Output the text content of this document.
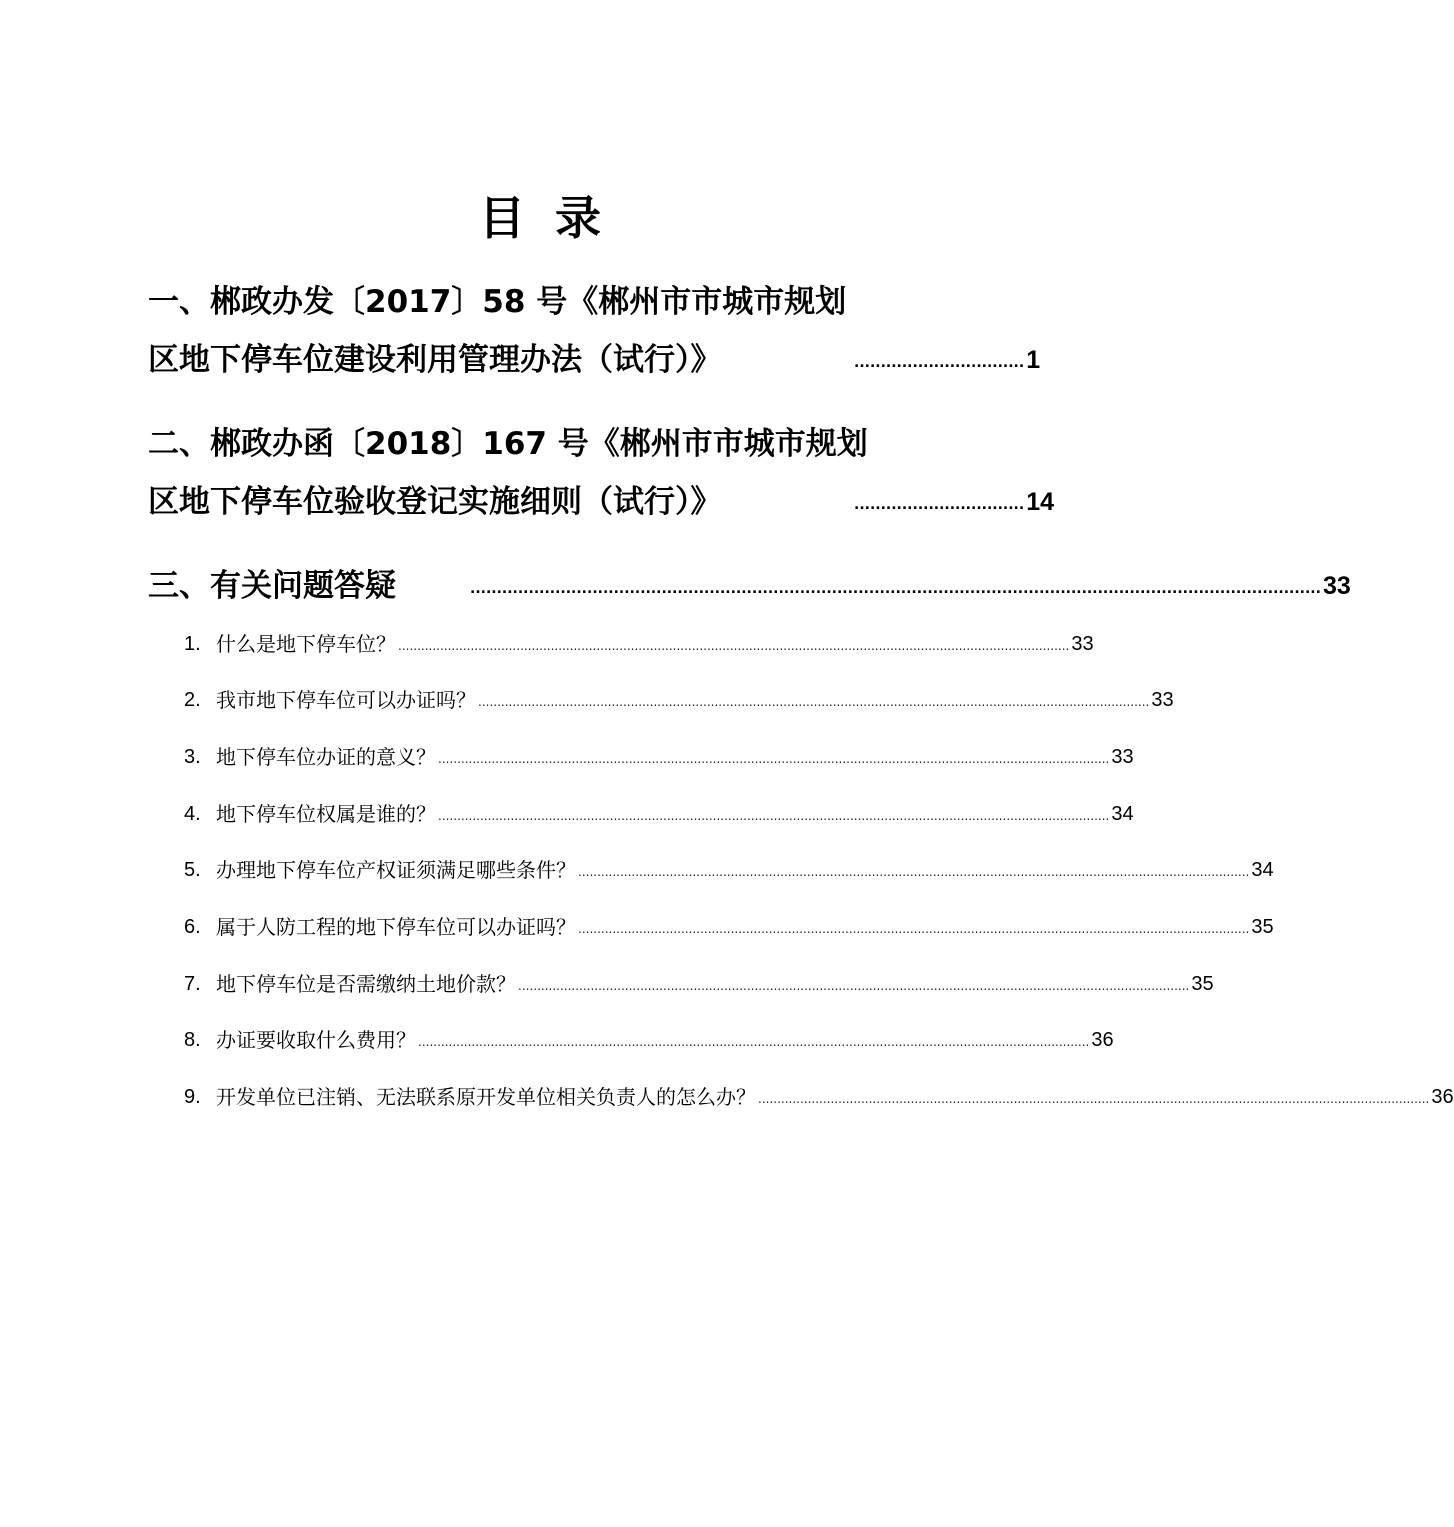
目 录
一、郴政办发〔2017〕58 号《郴州市市城市规划
区地下停车位建设利用管理办法（试行）》	................................ 1
二、郴政办函〔2018〕167 号《郴州市市城市规划
区地下停车位验收登记实施细则（试行）》	................................ 14
三、有关问题答疑	................................................................................................................................................................ 33
1. 什么是地下停车位？ ................................................................................................................................................................................ 33
2. 我市地下停车位可以办证吗？ ................................................................................................................................................................................ 33
3. 地下停车位办证的意义？ ................................................................................................................................................................................ 33
4. 地下停车位权属是谁的？ ................................................................................................................................................................................ 34
5. 办理地下停车位产权证须满足哪些条件？ ................................................................................................................................................................................ 34
6. 属于人防工程的地下停车位可以办证吗？ ................................................................................................................................................................................ 35
7. 地下停车位是否需缴纳土地价款？ ................................................................................................................................................................................ 35
8. 办证要收取什么费用？ ................................................................................................................................................................................ 36
9. 开发单位已注销、无法联系原开发单位相关负责人的怎么办？ ................................................................................................................................................................................ 36
